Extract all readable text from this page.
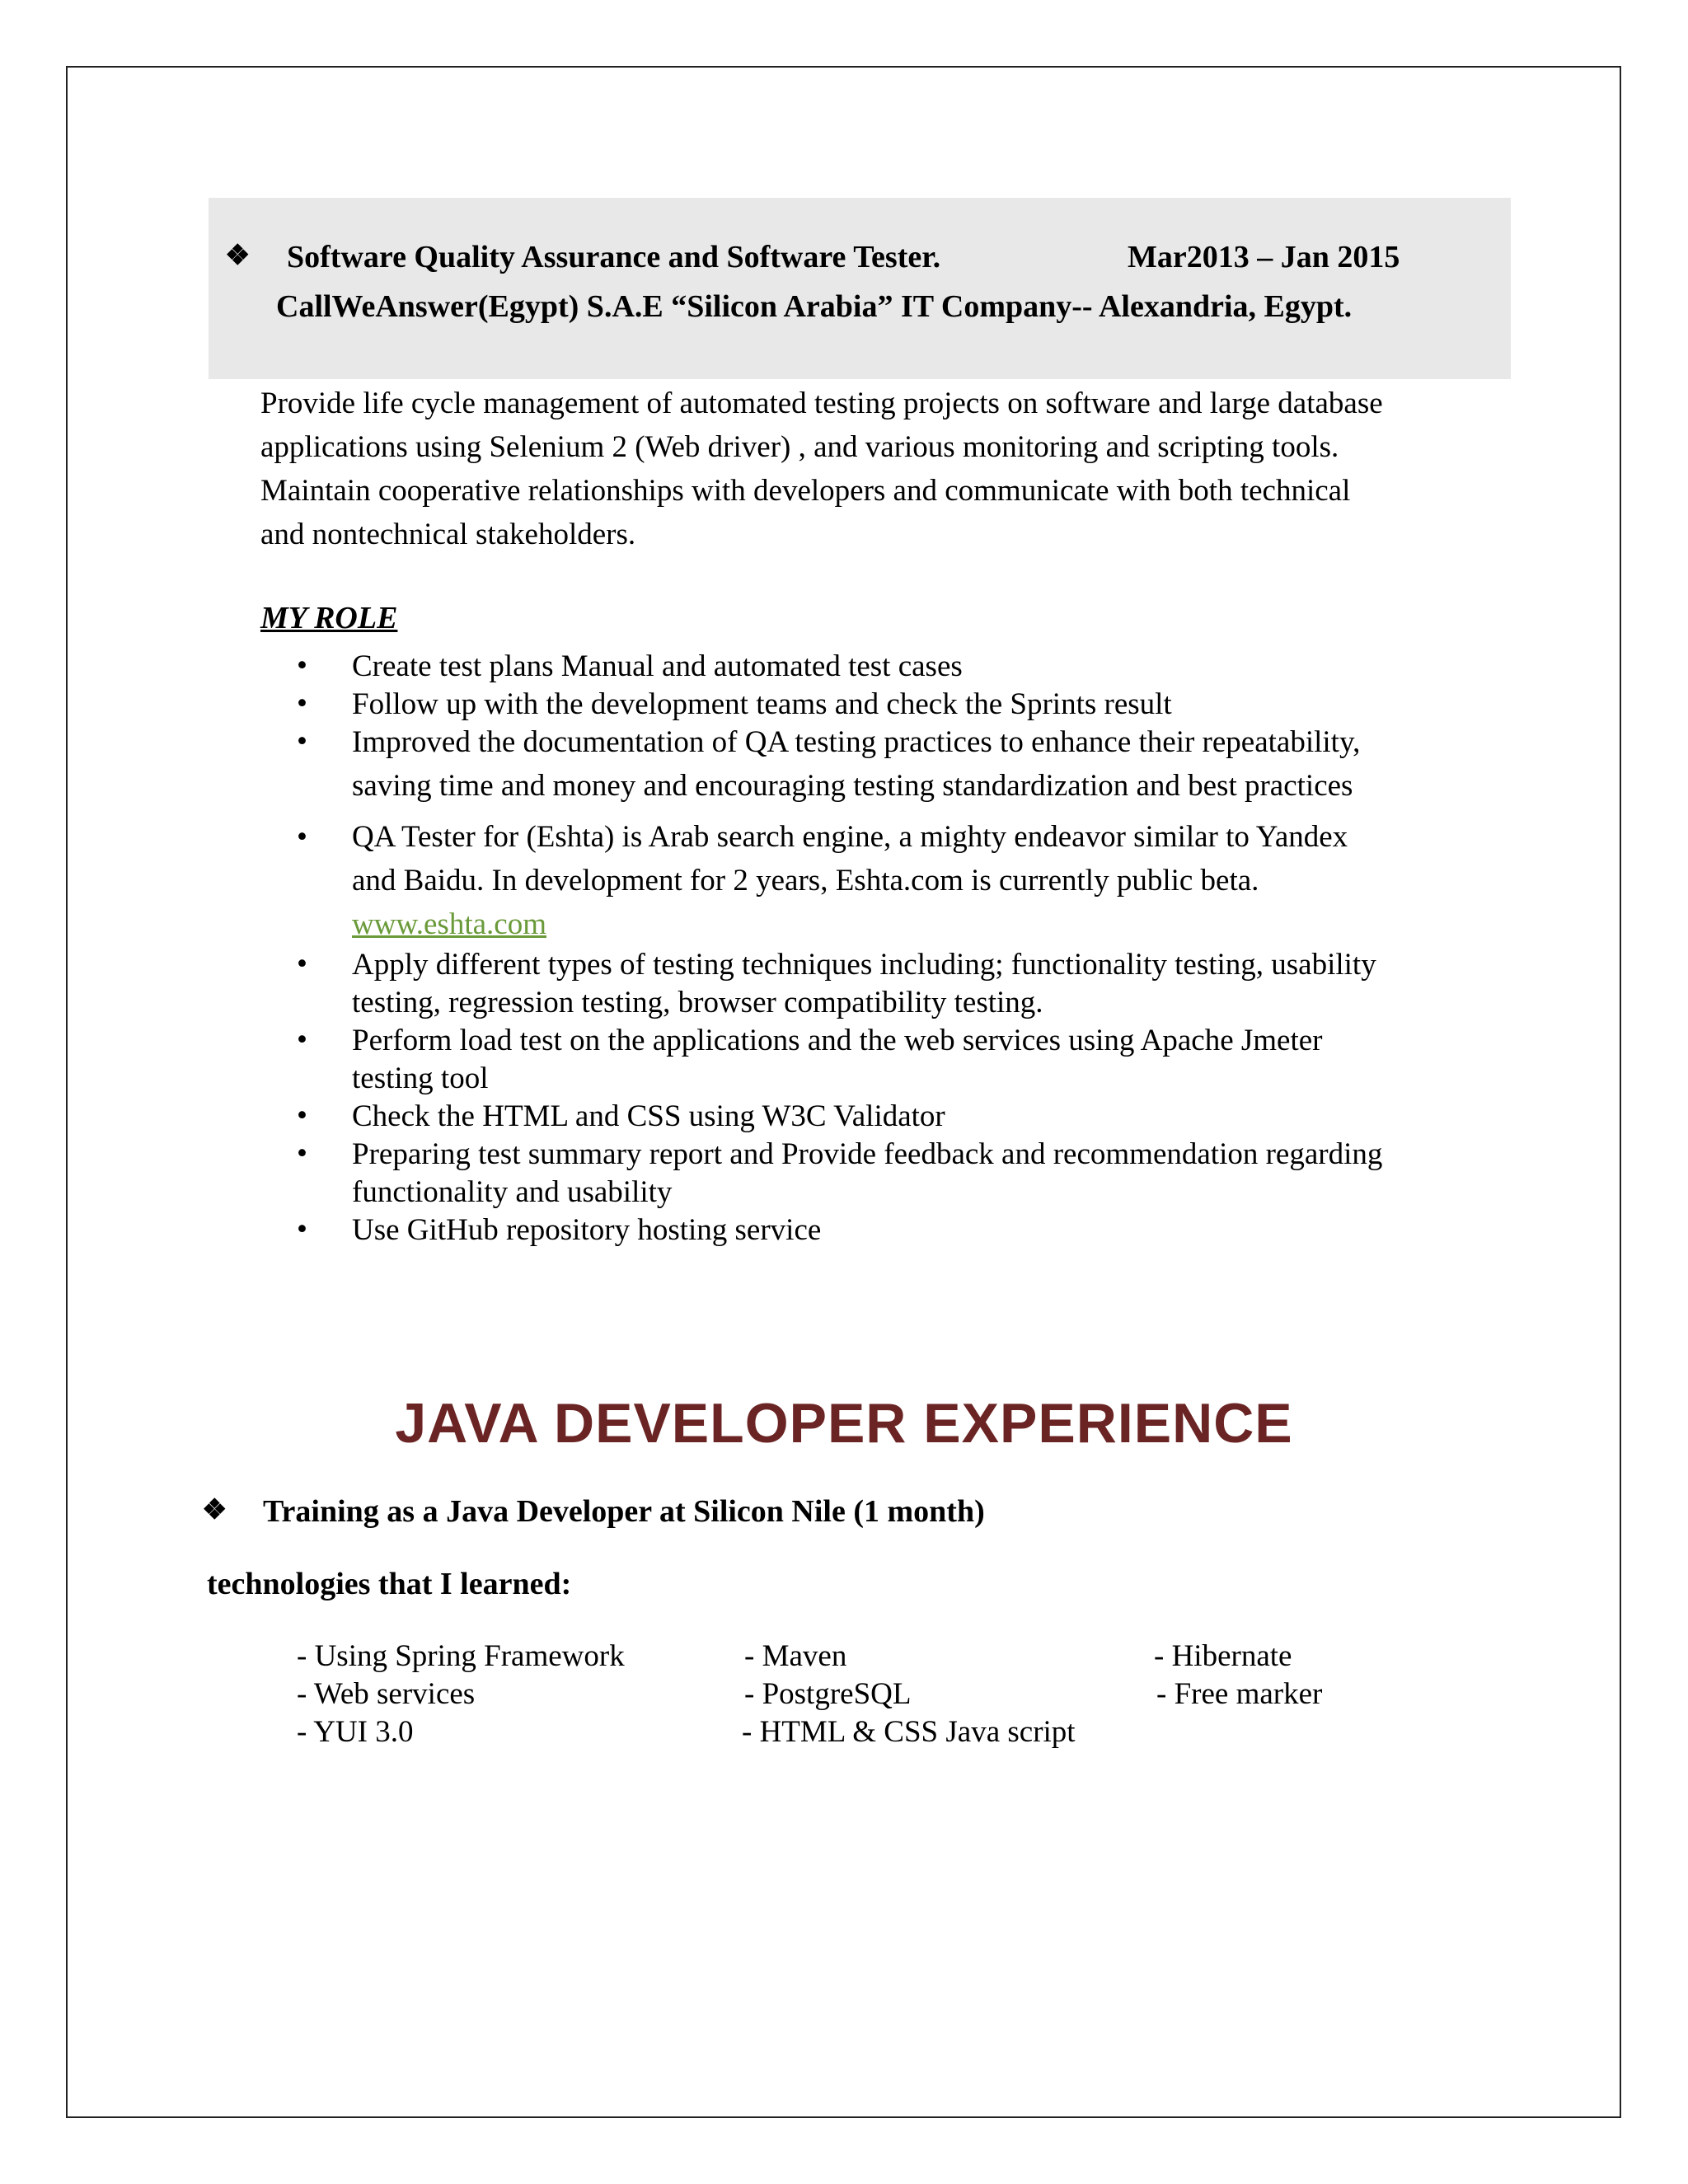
❖ Software Quality Assurance and Software Tester.	Mar2013 – Jan 2015
CallWeAnswer(Egypt) S.A.E “Silicon Arabia” IT Company-- Alexandria, Egypt.

Provide life cycle management of automated testing projects on software and large database

applications using Selenium 2 (Web driver) , and various monitoring and scripting tools.

Maintain cooperative relationships with developers and communicate with both technical

and nontechnical stakeholders.

MY ROLE
• Create test plans Manual and automated test cases
• Follow up with the development teams and check the Sprints result
• Improved the documentation of QA testing practices to enhance their repeatability,
saving time and money and encouraging testing standardization and best practices
• QA Tester for (Eshta) is Arab search engine, a mighty endeavor similar to Yandex
and Baidu. In development for 2 years, Eshta.com is currently public beta.
www.eshta.com
• Apply different types of testing techniques including; functionality testing, usability
testing, regression testing, browser compatibility testing.
• Perform load test on the applications and the web services using Apache Jmeter
testing tool
• Check the HTML and CSS using W3C Validator
• Preparing test summary report and Provide feedback and recommendation regarding
functionality and usability
• Use GitHub repository hosting service
JAVA DEVELOPER EXPERIENCE
❖ Training as a Java Developer at Silicon Nile (1 month)
technologies that I learned:
- Using Spring Framework	- Maven	- Hibernate
- Web services	- PostgreSQL	- Free marker
- YUI 3.0	- HTML & CSS Java script
